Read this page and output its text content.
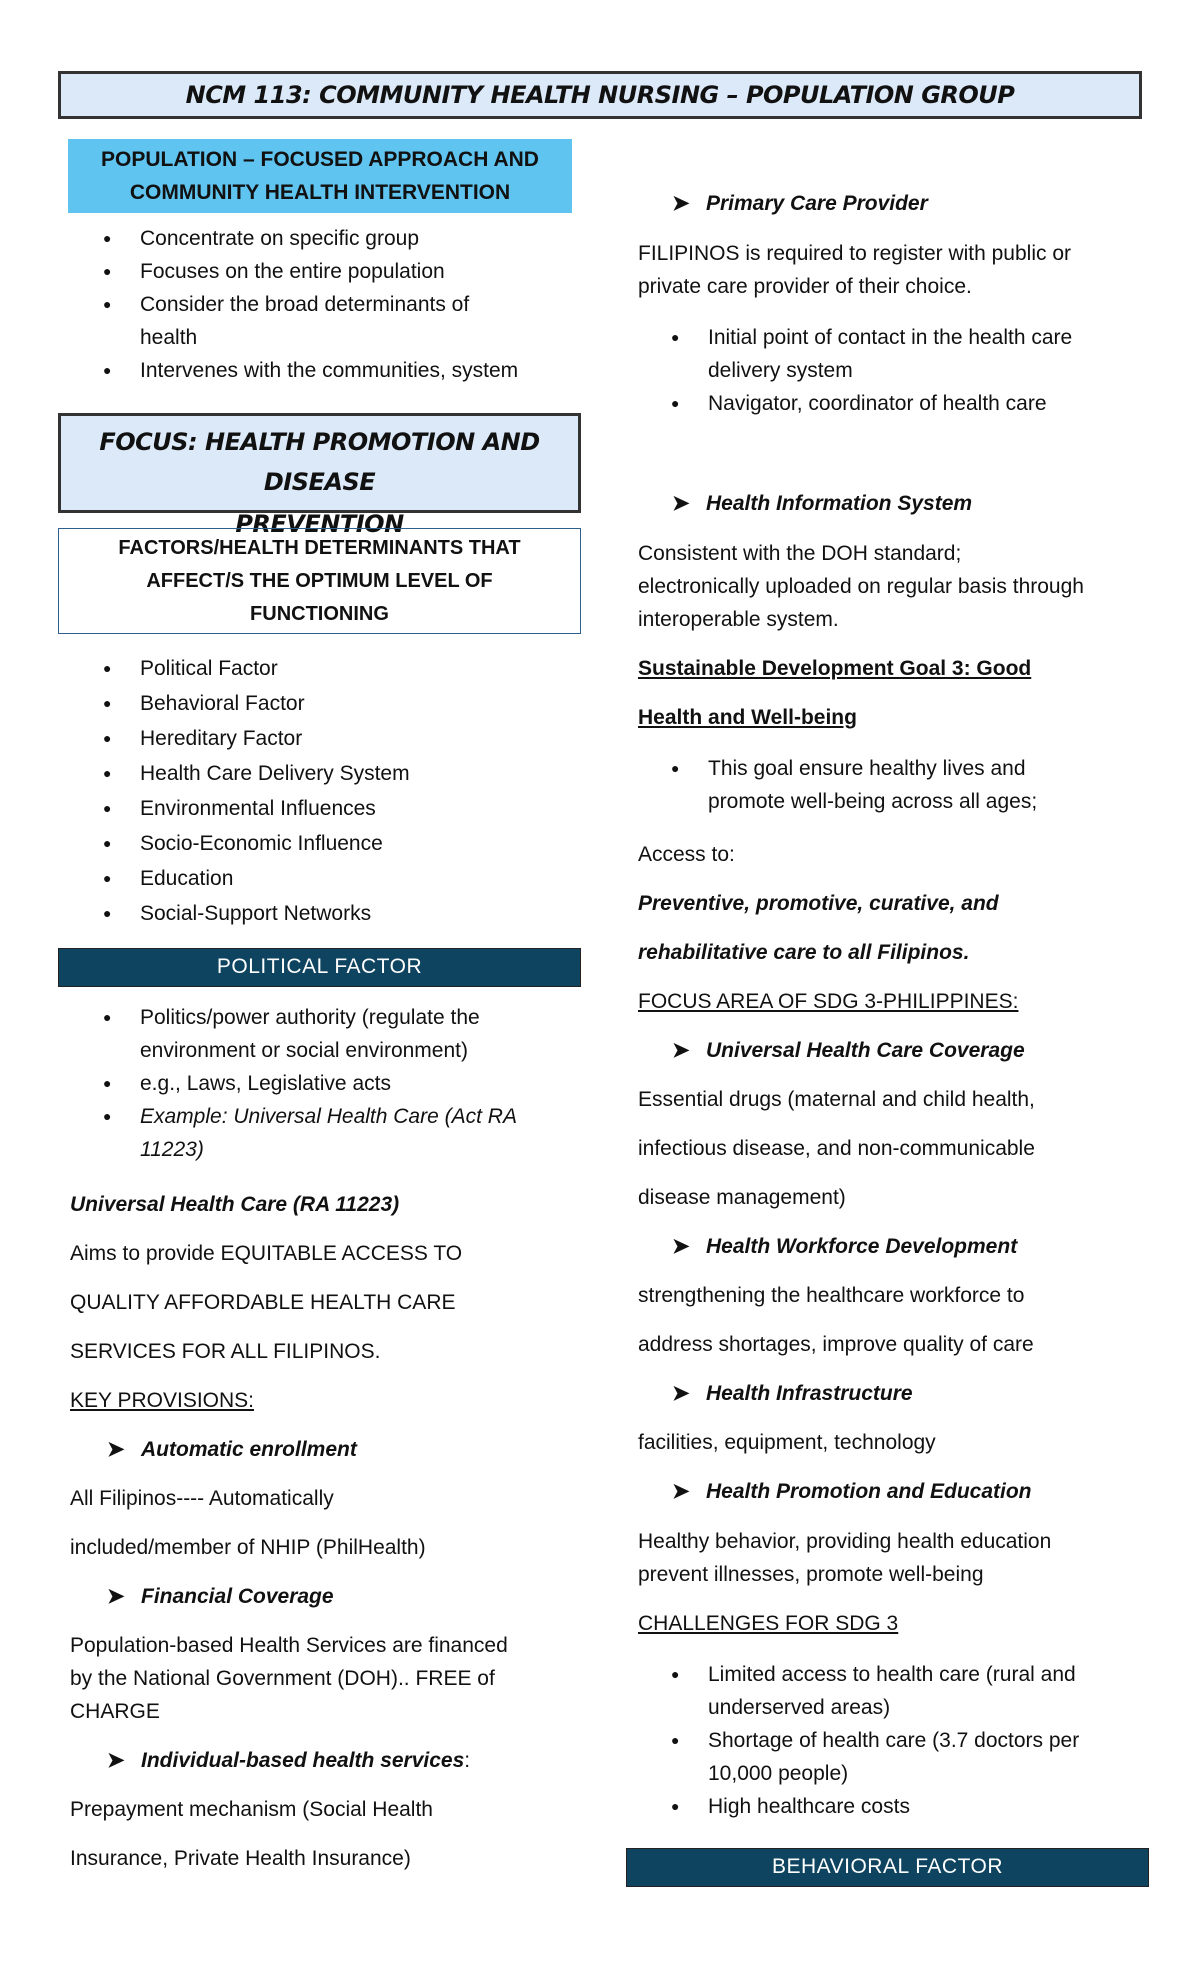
NCM 113: COMMUNITY HEALTH NURSING – POPULATION GROUP
POPULATION – FOCUSED APPROACH AND
COMMUNITY HEALTH INTERVENTION
● Concentrate on specific group
● Focuses on the entire population
● Consider the broad determinants of
health
● Intervenes with the communities, system
FOCUS: HEALTH PROMOTION AND DISEASE
PREVENTION
FACTORS/HEALTH DETERMINANTS THAT
AFFECT/S THE OPTIMUM LEVEL OF
FUNCTIONING
● Political Factor
● Behavioral Factor
● Hereditary Factor
● Health Care Delivery System
● Environmental Influences
● Socio-Economic Influence
● Education
● Social-Support Networks
POLITICAL FACTOR
● Politics/power authority (regulate the
environment or social environment)
● e.g., Laws, Legislative acts
● Example: Universal Health Care (Act RA
11223)
Universal Health Care (RA 11223)
Aims to provide EQUITABLE ACCESS TO
QUALITY AFFORDABLE HEALTH CARE
SERVICES FOR ALL FILIPINOS.
KEY PROVISIONS:
➤ Automatic enrollment
All Filipinos---- Automatically
included/member of NHIP (PhilHealth)
➤ Financial Coverage
Population-based Health Services are financed
by the National Government (DOH).. FREE of
CHARGE
➤ Individual-based health services:
Prepayment mechanism (Social Health
Insurance, Private Health Insurance)
➤ Primary Care Provider
FILIPINOS is required to register with public or
private care provider of their choice.
● Initial point of contact in the health care
delivery system
● Navigator, coordinator of health care
➤ Health Information System
Consistent with the DOH standard;
electronically uploaded on regular basis through
interoperable system.
Sustainable Development Goal 3: Good
Health and Well-being
● This goal ensure healthy lives and
promote well-being across all ages;
Access to:
Preventive, promotive, curative, and
rehabilitative care to all Filipinos.
FOCUS AREA OF SDG 3-PHILIPPINES:
➤ Universal Health Care Coverage
Essential drugs (maternal and child health,
infectious disease, and non-communicable
disease management)
➤ Health Workforce Development
strengthening the healthcare workforce to
address shortages, improve quality of care
➤ Health Infrastructure
facilities, equipment, technology
➤ Health Promotion and Education
Healthy behavior, providing health education
prevent illnesses, promote well-being
CHALLENGES FOR SDG 3
● Limited access to health care (rural and
underserved areas)
● Shortage of health care (3.7 doctors per
10,000 people)
● High healthcare costs
BEHAVIORAL FACTOR
